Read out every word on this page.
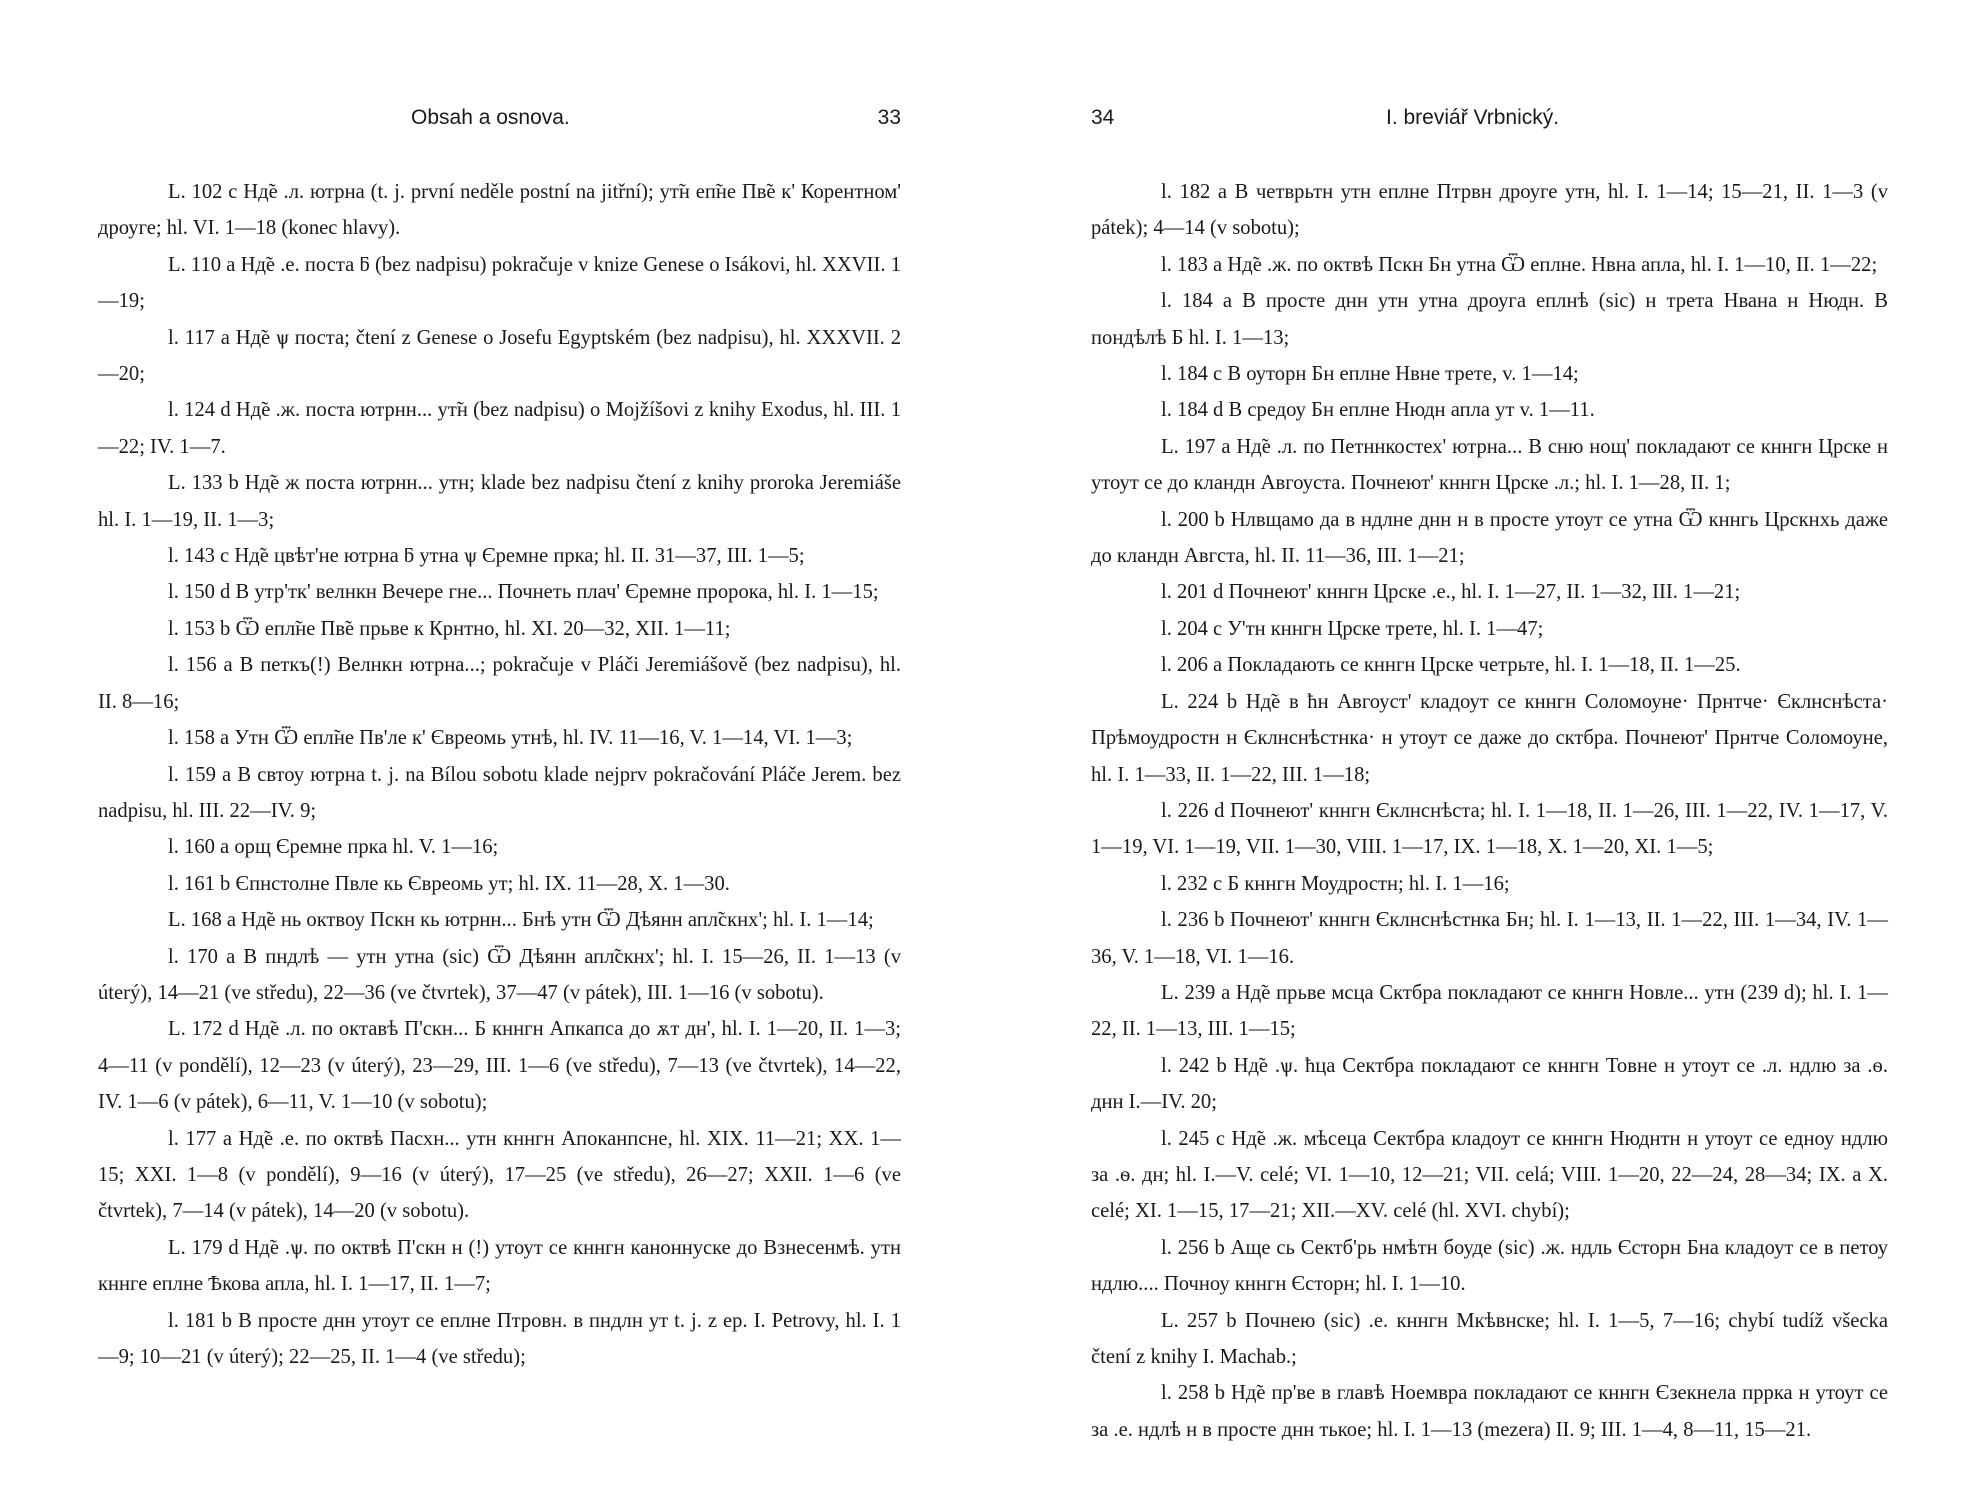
Obsah a osnova.	33

L. 102 c Нд̃е .л. ютрна (t. j. první neděle postní na jitřní); ут̃н еп̃не Пв̃е к' Корентном' дроуге; hl. VI. 1—18 (konec hlavy).

L. 110 a Нд̃е .е. поста ƃ (bez nadpisu) pokračuje v knize Genese o Isákovi, hl. XXVII. 1—19;

l. 117 a Нд̃е ѱ поста; čtení z Genese o Josefu Egyptském (bez nadpisu), hl. XXXVII. 2—20;

l. 124 d Нд̃е .ж. поста ютрнн... ут̃н (bez nadpisu) o Mojžíšovi z knihy Exodus, hl. III. 1—22; IV. 1—7.

L. 133 b Нд̃е ж поста ютрнн... утн; klade bez nadpisu čtení z knihy proroka Jeremiáše hl. I. 1—19, II. 1—3;

l. 143 c Нд̃е цвѣт'не ютрна ƃ утна ѱ Єремне прка; hl. II. 31—37, III. 1—5;

l. 150 d В утр'тк' велнкн Вечере гне... Почнеть плач' Єремне пророка, hl. I. 1—15;

l. 153 b Ѿ епл̃не Пв̃е прьве к Крнтно, hl. XI. 20—32, XII. 1—11;

l. 156 a В петкъ(!) Велнкн ютрна...; pokračuje v Pláči Jeremiášově (bez nadpisu), hl. II. 8—16;

l. 158 a Утн Ѿ епл̃не Пв'ле к' Євреомь утнѣ, hl. IV. 11—16, V. 1—14, VI. 1—3;

l. 159 a В свтоу ютрна t. j. na Bílou sobotu klade nejprv pokračování Pláče Jerem. bez nadpisu, hl. III. 22—IV. 9;

l. 160 a орщ Єремне прка hl. V. 1—16;

l. 161 b Єпнстолне Пвле кь Євреомь ут; hl. IX. 11—28, X. 1—30.

L. 168 a Нд̃е нь октвоу Пскн кь ютрнн... Ƃнѣ утн Ѿ Дѣянн апл̃скнх'; hl. I. 1—14;

l. 170 a В пндлѣ — утн утна (sic) Ѿ Дѣянн апл̃скнх'; hl. I. 15—26, II. 1—13 (v úterý), 14—21 (ve středu), 22—36 (ve čtvrtek), 37—47 (v pátek), III. 1—16 (v sobotu).

L. 172 d Нд̃е .л. по октавѣ П'скн... Ƃ кннгн Апкапса до ѫт дн', hl. I. 1—20, II. 1—3; 4—11 (v pondělí), 12—23 (v úterý), 23—29, III. 1—6 (ve středu), 7—13 (ve čtvrtek), 14—22, IV. 1—6 (v pátek), 6—11, V. 1—10 (v sobotu);

l. 177 a Нд̃е .е. по октвѣ Пасхн... утн кннгн Апоканпсне, hl. XIX. 11—21; XX. 1—15; XXI. 1—8 (v pondělí), 9—16 (v úterý), 17—25 (ve středu), 26—27; XXII. 1—6 (ve čtvrtek), 7—14 (v pátek), 14—20 (v sobotu).

L. 179 d Нд̃е .ѱ. по октвѣ П'скн н (!) утоут се кннгн каноннуске до Взнесенмѣ. утн кннге еплне Ѣкова апла, hl. I. 1—17, II. 1—7;

l. 181 b В просте днн утоут се еплне Птровн. в пндлн ут t. j. z ep. I. Petrovy, hl. I. 1—9; 10—21 (v úterý); 22—25, II. 1—4 (ve středu);

34	I. breviář Vrbnický.

l. 182 a В четврьтн утн еплне Птрвн дроуге утн, hl. I. 1—14; 15—21, II. 1—3 (v pátek); 4—14 (v sobotu);

l. 183 a Нд̃е .ж. по октвѣ Пскн Ƃн утна Ѿ еплне. Нвна апла, hl. I. 1—10, II. 1—22;

l. 184 a В просте днн утн утна дроуга еплнѣ (sic) н трета Нвана н Нюдн. В пондѣлѣ Ƃ hl. I. 1—13;

l. 184 c В оуторн Ƃн еплне Нвне трете, v. 1—14;

l. 184 d В средоу Ƃн еплне Нюдн апла ут v. 1—11.

L. 197 a Нд̃е .л. по Петннкостех' ютрна... В сню нощ' покладают се кннгн Црске н утоут се до кландн Авгоуста. Почнеют' кннгн Црске .л.; hl. I. 1—28, II. 1;

l. 200 b Нлвщамо да в ндлне днн н в просте утоут се утна Ѿ кннгь Црскнхь даже до кландн Авгста, hl. II. 11—36, III. 1—21;

l. 201 d Почнеют' кннгн Црске .е., hl. I. 1—27, II. 1—32, III. 1—21;

l. 204 c У'тн кннгн Црске трете, hl. I. 1—47;

l. 206 a Покладають се кннгн Црске четрьте, hl. I. 1—18, II. 1—25.

L. 224 b Нд̃е в ћн Авгоуст' кладоут се кннгн Соломоуне· Прнтче· Єклнснѣста· Прѣмоудростн н Єклнснѣстнка· н утоут се даже до сктбра. Почнеют' Прнтче Соломоуне, hl. I. 1—33, II. 1—22, III. 1—18;

l. 226 d Почнеют' кннгн Єклнснѣста; hl. I. 1—18, II. 1—26, III. 1—22, IV. 1—17, V. 1—19, VI. 1—19, VII. 1—30, VIII. 1—17, IX. 1—18, X. 1—20, XI. 1—5;

l. 232 c Ƃ кннгн Моудростн; hl. I. 1—16;

l. 236 b Почнеют' кннгн Єклнснѣстнка Ƃн; hl. I. 1—13, II. 1—22, III. 1—34, IV. 1—36, V. 1—18, VI. 1—16.

L. 239 a Нд̃е прьве мсца Сктбра покладают се кннгн Новле... утн (239 d); hl. I. 1—22, II. 1—13, III. 1—15;

l. 242 b Нд̃е .ѱ. ћца Сектбра покладают се кннгн Товне н утоут се .л. ндлю за .ѳ. днн I.—IV. 20;

l. 245 c Нд̃е .ж. мѣсеца Сектбра кладоут се кннгн Нюднтн н утоут се едноу ндлю за .ѳ. дн; hl. I.—V. celé; VI. 1—10, 12—21; VII. celá; VIII. 1—20, 22—24, 28—34; IX. a X. celé; XI. 1—15, 17—21; XII.—XV. celé (hl. XVI. chybí);

l. 256 b Аще сь Сектб'рь нмѣтн боуде (sic) .ж. ндль Єсторн Ƃна кладоут се в петоу ндлю.... Почноу кннгн Єсторн; hl. I. 1—10.

L. 257 b Почнею (sic) .е. кннгн Мкѣвнске; hl. I. 1—5, 7—16; chybí tudíž všecka čtení z knihy I. Machab.;

l. 258 b Нд̃е пр'ве в главѣ Ноемвра покладают се кннгн Єзекнела пррка н утоут се за .е. ндлѣ н в просте днн тькое; hl. I. 1—13 (mezera) II. 9; III. 1—4, 8—11, 15—21.
